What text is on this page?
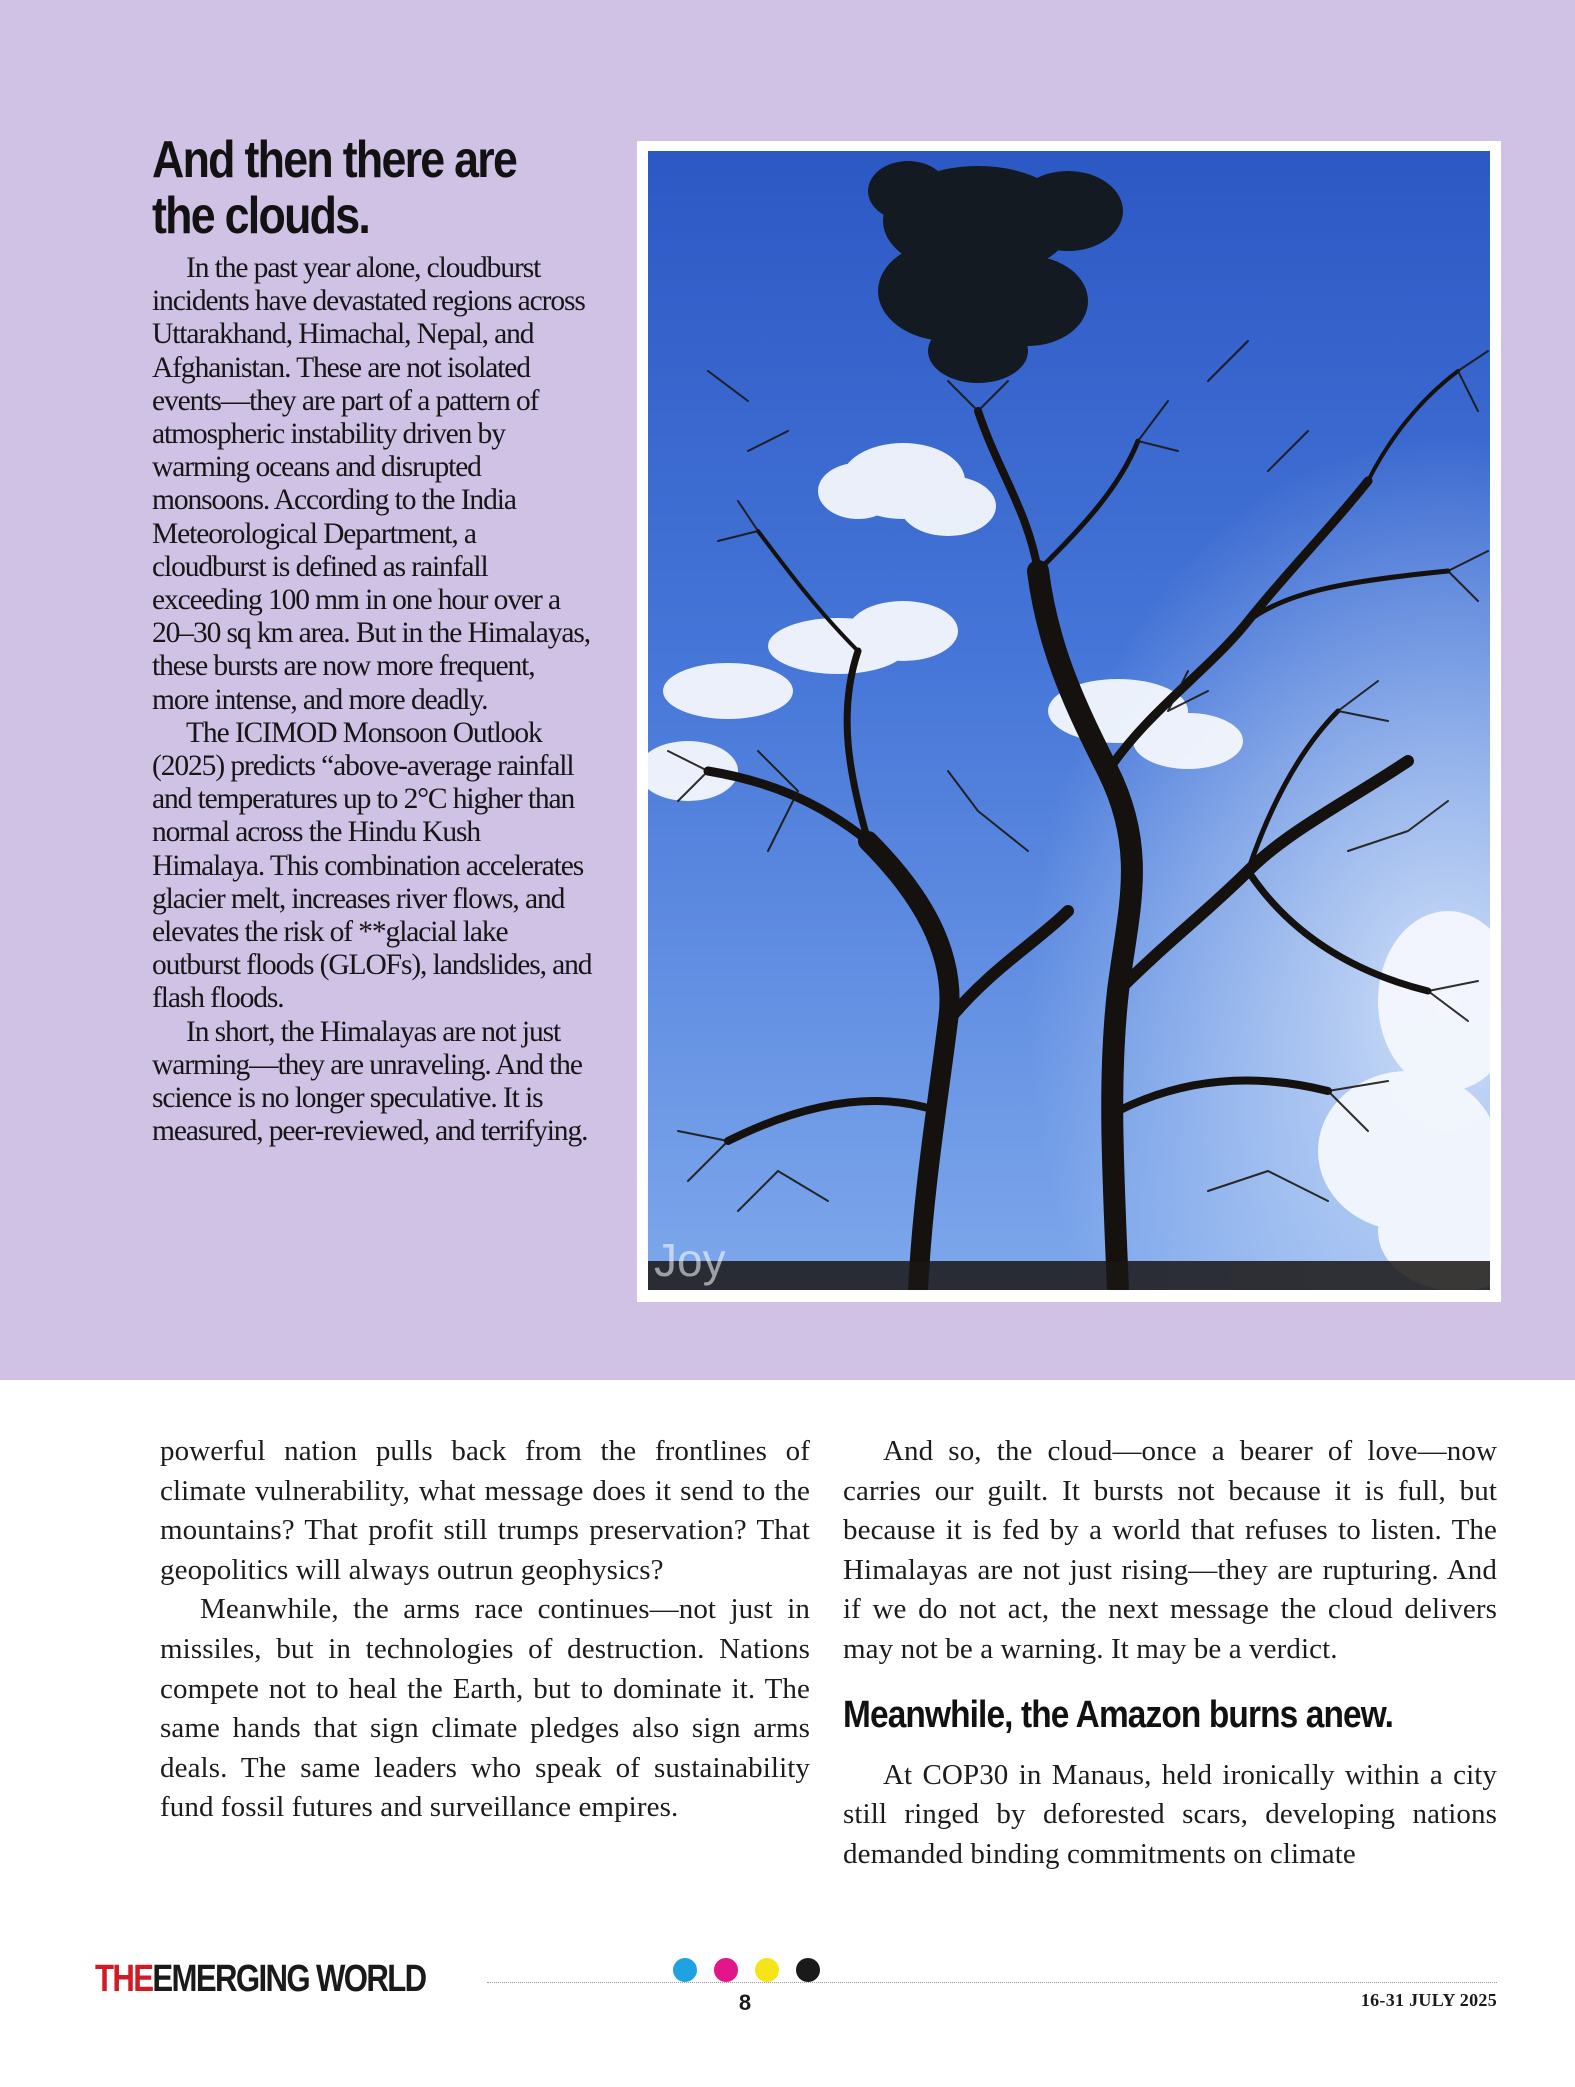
And then there are
the clouds.

In the past year alone, cloudburst incidents have devastated regions across Uttarakhand, Himachal, Nepal, and Afghanistan. These are not isolated events—they are part of a pattern of atmospheric instability driven by warming oceans and disrupted monsoons. According to the India Meteorological Department, a cloudburst is defined as rainfall exceeding 100 mm in one hour over a 20–30 sq km area. But in the Himalayas, these bursts are now more frequent, more intense, and more deadly.

The ICIMOD Monsoon Outlook (2025) predicts “above-average rainfall and temperatures up to 2°C higher than normal across the Hindu Kush Himalaya. This combination accelerates glacier melt, increases river flows, and elevates the risk of **glacial lake outburst floods (GLOFs), landslides, and flash floods.

In short, the Himalayas are not just warming—they are unraveling. And the science is no longer speculative. It is measured, peer-reviewed, and terrifying.

Joy

powerful nation pulls back from the frontlines of climate vulnerability, what message does it send to the mountains? That profit still trumps preservation? That geopolitics will always outrun geophysics?

Meanwhile, the arms race continues—not just in missiles, but in technologies of destruction. Nations compete not to heal the Earth, but to dominate it. The same hands that sign climate pledges also sign arms deals. The same leaders who speak of sustainability fund fossil futures and surveillance empires.

And so, the cloud—once a bearer of love—now carries our guilt. It bursts not because it is full, but because it is fed by a world that refuses to listen. The Himalayas are not just rising—they are rupturing. And if we do not act, the next message the cloud delivers may not be a warning. It may be a verdict.

Meanwhile, the Amazon burns anew.

At COP30 in Manaus, held ironically within a city still ringed by deforested scars, developing nations demanded binding commitments on climate

THEEMERGING WORLD
8	16-31 JULY 2025
